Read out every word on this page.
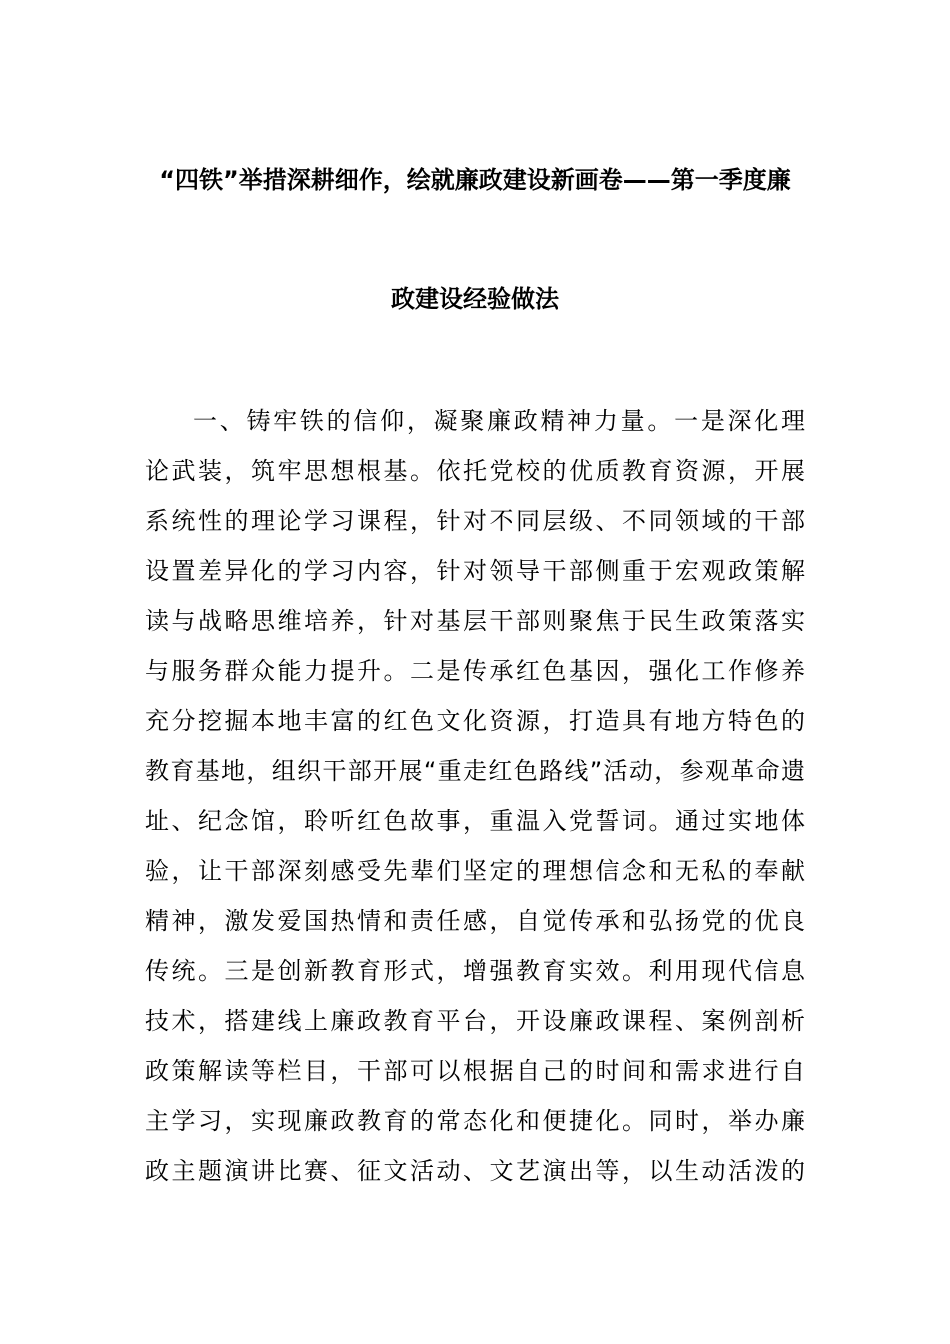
“四铁”举措深耕细作，绘就廉政建设新画卷——第一季度廉
政建设经验做法
一、铸牢铁的信仰，凝聚廉政精神力量。一是深化理
论武装，筑牢思想根基。依托党校的优质教育资源，开展
系统性的理论学习课程，针对不同层级、不同领域的干部
设置差异化的学习内容，针对领导干部侧重于宏观政策解
读与战略思维培养，针对基层干部则聚焦于民生政策落实
与服务群众能力提升。二是传承红色基因，强化工作修养
充分挖掘本地丰富的红色文化资源，打造具有地方特色的
教育基地，组织干部开展“重走红色路线”活动，参观革命遗
址、纪念馆，聆听红色故事，重温入党誓词。通过实地体
验，让干部深刻感受先辈们坚定的理想信念和无私的奉献
精神，激发爱国热情和责任感，自觉传承和弘扬党的优良
传统。三是创新教育形式，增强教育实效。利用现代信息
技术，搭建线上廉政教育平台，开设廉政课程、案例剖析
政策解读等栏目，干部可以根据自己的时间和需求进行自
主学习，实现廉政教育的常态化和便捷化。同时，举办廉
政主题演讲比赛、征文活动、文艺演出等，以生动活泼的
